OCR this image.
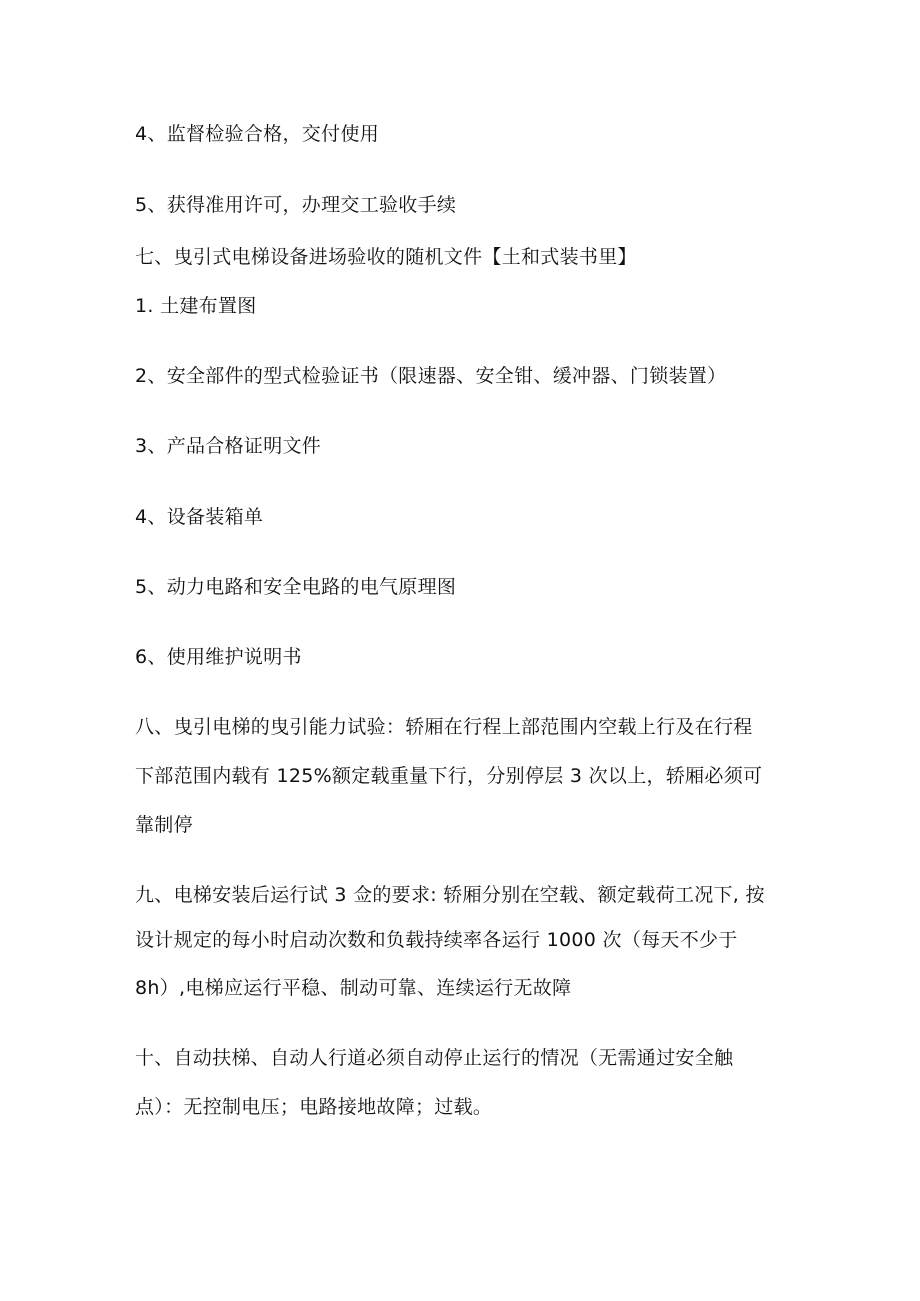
4、监督检验合格，交付使用
5、获得准用许可，办理交工验收手续
七、曳引式电梯设备进场验收的随机文件【土和式装书里】
1. 土建布置图
2、安全部件的型式检验证书（限速器、安全钳、缓冲器、门锁装置）
3、产品合格证明文件
4、设备装箱单
5、动力电路和安全电路的电气原理图
6、使用维护说明书
八、曳引电梯的曳引能力试验：轿厢在行程上部范围内空载上行及在行程
下部范围内载有 125%额定载重量下行，分别停层 3 次以上，轿厢必须可
靠制停
九、电梯安装后运行试 3 佥的要求: 轿厢分别在空载、额定载荷工况下, 按
设计规定的每小时启动次数和负载持续率各运行 1000 次（每天不少于
8h）,电梯应运行平稳、制动可靠、连续运行无故障
十、自动扶梯、自动人行道必须自动停止运行的情况（无需通过安全触
点）：无控制电压；电路接地故障；过载。
